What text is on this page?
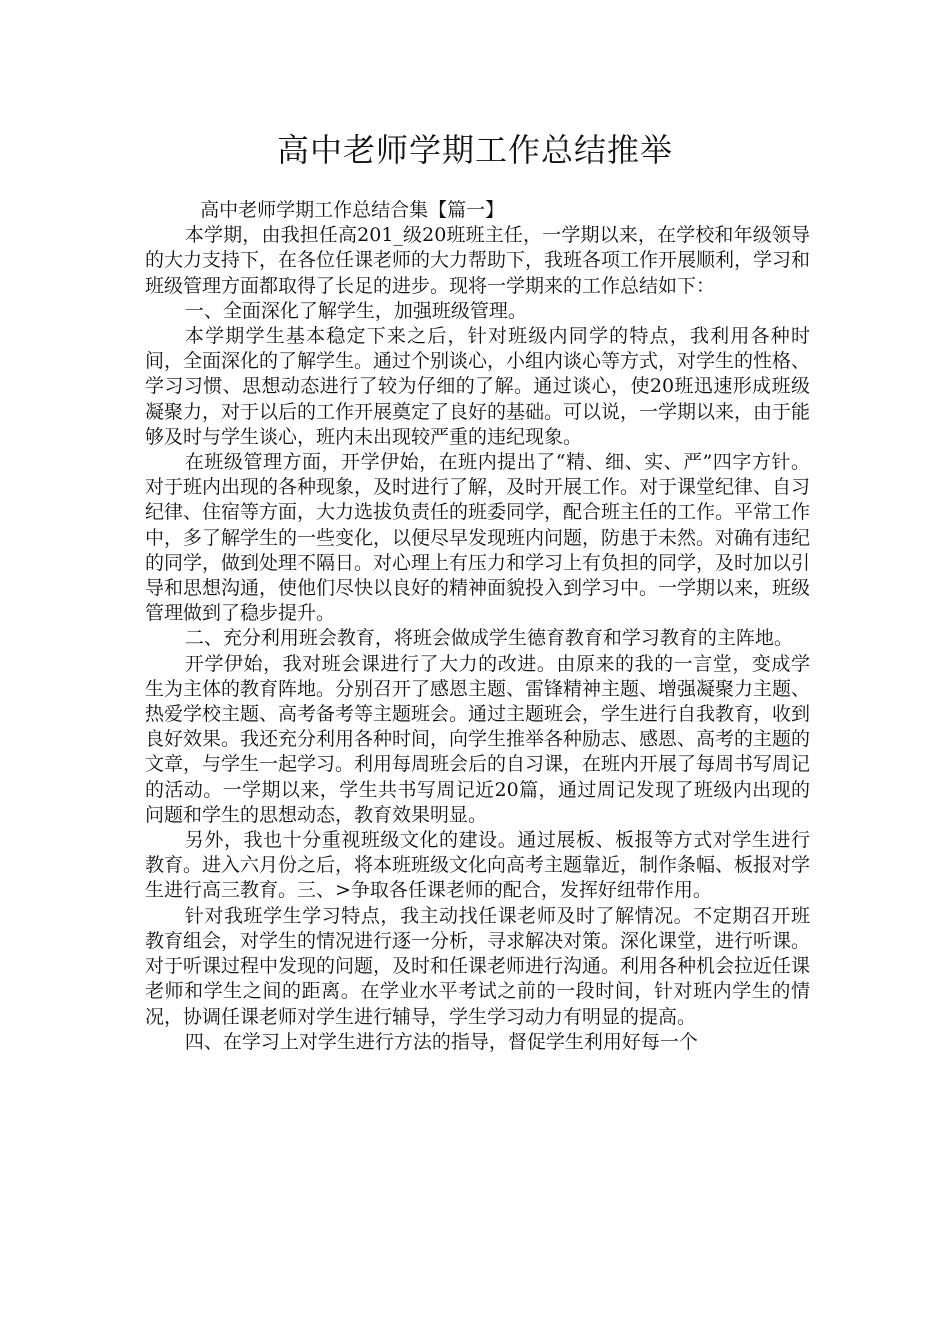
高中老师学期工作总结推举

高中老师学期工作总结合集【篇一】

本学期，由我担任高201_级20班班主任，一学期以来，在学校和年级领导的大力支持下，在各位任课老师的大力帮助下，我班各项工作开展顺利，学习和班级管理方面都取得了长足的进步。现将一学期来的工作总结如下：

一、全面深化了解学生，加强班级管理。

本学期学生基本稳定下来之后，针对班级内同学的特点，我利用各种时间，全面深化的了解学生。通过个别谈心，小组内谈心等方式，对学生的性格、学习习惯、思想动态进行了较为仔细的了解。通过谈心，使20班迅速形成班级凝聚力，对于以后的工作开展奠定了良好的基础。可以说，一学期以来，由于能够及时与学生谈心，班内未出现较严重的违纪现象。

在班级管理方面，开学伊始，在班内提出了“精、细、实、严”四字方针。对于班内出现的各种现象，及时进行了解，及时开展工作。对于课堂纪律、自习纪律、住宿等方面，大力选拔负责任的班委同学，配合班主任的工作。平常工作中，多了解学生的一些变化，以便尽早发现班内问题，防患于未然。对确有违纪的同学，做到处理不隔日。对心理上有压力和学习上有负担的同学，及时加以引导和思想沟通，使他们尽快以良好的精神面貌投入到学习中。一学期以来，班级管理做到了稳步提升。

二、充分利用班会教育，将班会做成学生德育教育和学习教育的主阵地。

开学伊始，我对班会课进行了大力的改进。由原来的我的一言堂，变成学生为主体的教育阵地。分别召开了感恩主题、雷锋精神主题、增强凝聚力主题、热爱学校主题、高考备考等主题班会。通过主题班会，学生进行自我教育，收到良好效果。我还充分利用各种时间，向学生推举各种励志、感恩、高考的主题的文章，与学生一起学习。利用每周班会后的自习课，在班内开展了每周书写周记的活动。一学期以来，学生共书写周记近20篇，通过周记发现了班级内出现的问题和学生的思想动态，教育效果明显。

另外，我也十分重视班级文化的建设。通过展板、板报等方式对学生进行教育。进入六月份之后，将本班班级文化向高考主题靠近，制作条幅、板报对学生进行高三教育。三、>争取各任课老师的配合，发挥好纽带作用。

针对我班学生学习特点，我主动找任课老师及时了解情况。不定期召开班教育组会，对学生的情况进行逐一分析，寻求解决对策。深化课堂，进行听课。对于听课过程中发现的问题，及时和任课老师进行沟通。利用各种机会拉近任课老师和学生之间的距离。在学业水平考试之前的一段时间，针对班内学生的情况，协调任课老师对学生进行辅导，学生学习动力有明显的提高。

四、在学习上对学生进行方法的指导，督促学生利用好每一个
